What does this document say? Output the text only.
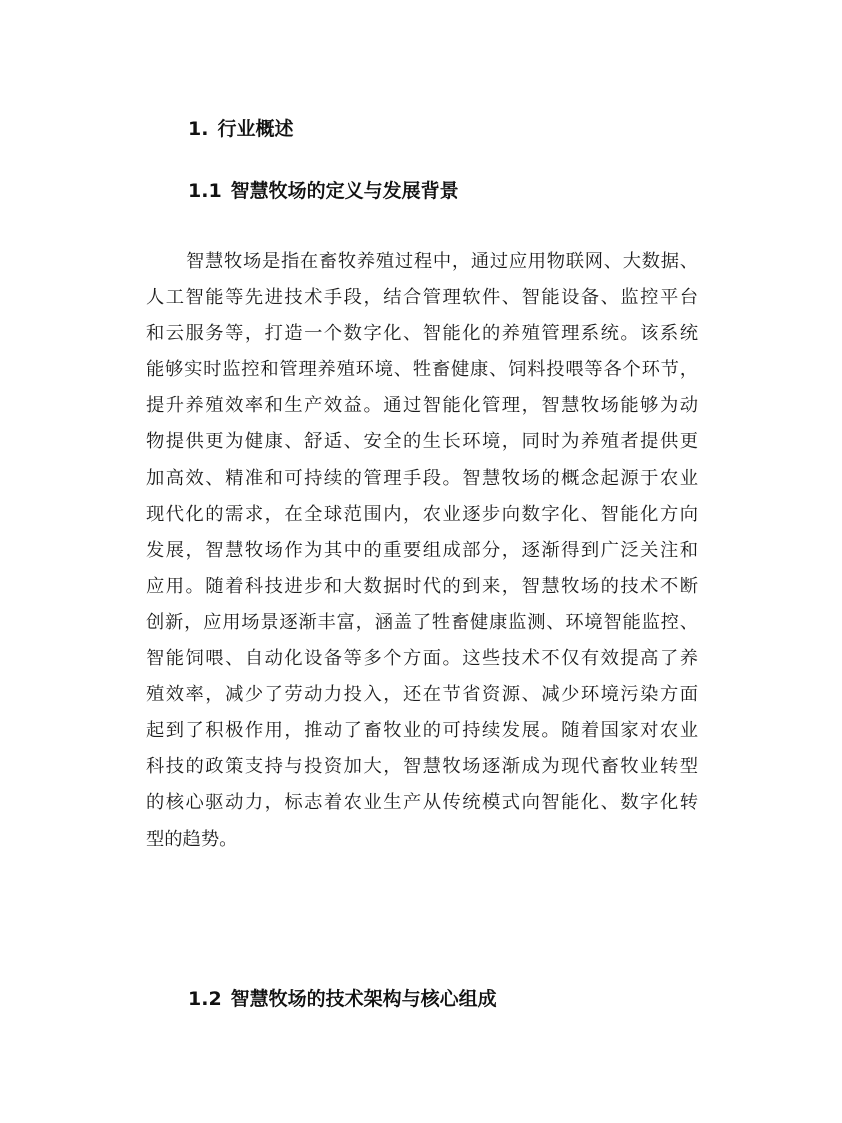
1. 行业概述
1.1 智慧牧场的定义与发展背景
智慧牧场是指在畜牧养殖过程中，通过应用物联网、大数据、
人工智能等先进技术手段，结合管理软件、智能设备、监控平台
和云服务等，打造一个数字化、智能化的养殖管理系统。该系统
能够实时监控和管理养殖环境、牲畜健康、饲料投喂等各个环节，
提升养殖效率和生产效益。通过智能化管理，智慧牧场能够为动
物提供更为健康、舒适、安全的生长环境，同时为养殖者提供更
加高效、精准和可持续的管理手段。智慧牧场的概念起源于农业
现代化的需求，在全球范围内，农业逐步向数字化、智能化方向
发展，智慧牧场作为其中的重要组成部分，逐渐得到广泛关注和
应用。随着科技进步和大数据时代的到来，智慧牧场的技术不断
创新，应用场景逐渐丰富，涵盖了牲畜健康监测、环境智能监控、
智能饲喂、自动化设备等多个方面。这些技术不仅有效提高了养
殖效率，减少了劳动力投入，还在节省资源、减少环境污染方面
起到了积极作用，推动了畜牧业的可持续发展。随着国家对农业
科技的政策支持与投资加大，智慧牧场逐渐成为现代畜牧业转型
的核心驱动力，标志着农业生产从传统模式向智能化、数字化转
型的趋势。
1.2 智慧牧场的技术架构与核心组成
